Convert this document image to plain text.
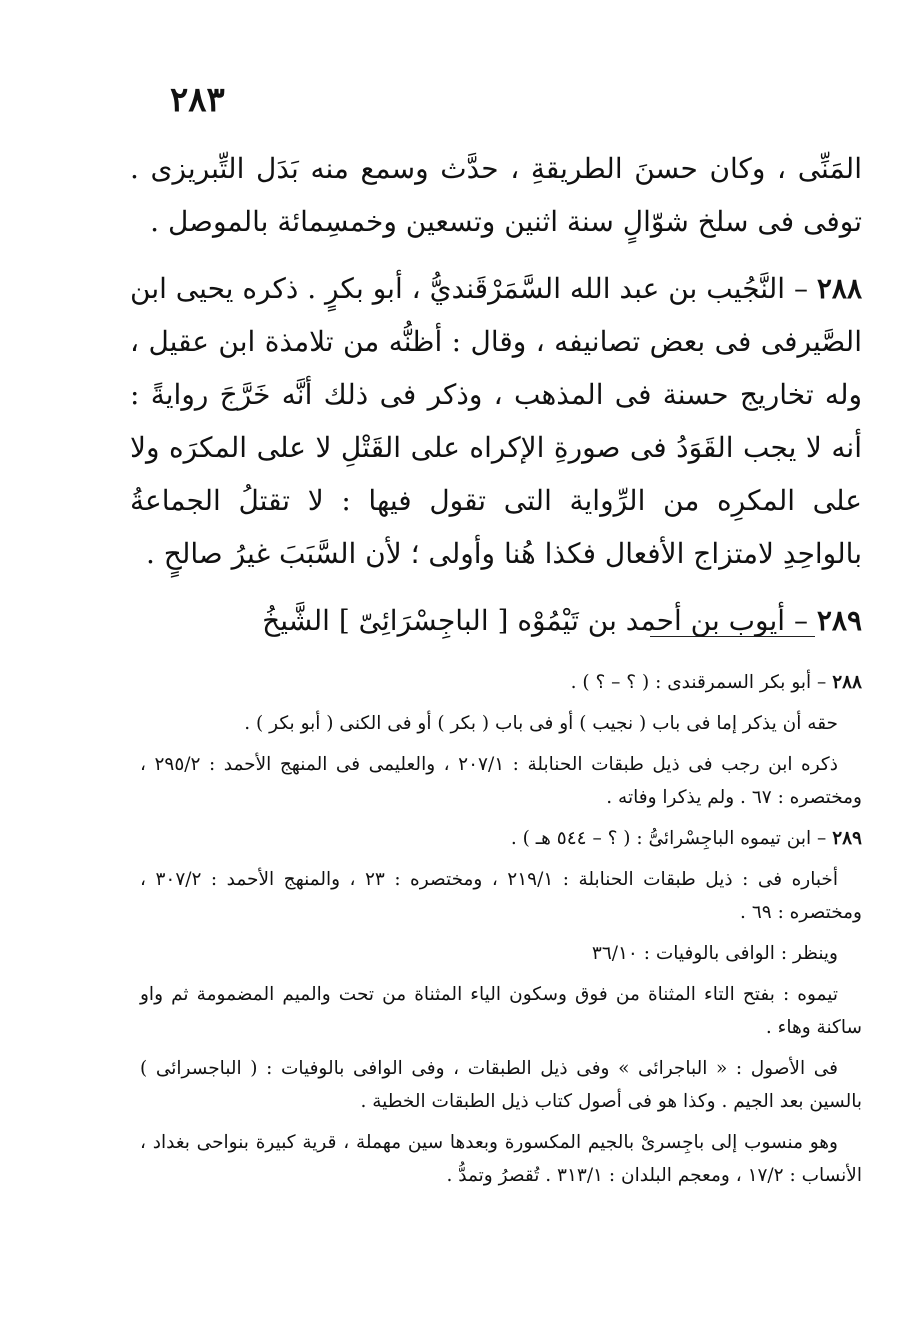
٢٨٣

المَنِّى ، وكان حسنَ الطريقةِ ، حدَّث وسمع منه بَدَل التِّبريزى . توفى فى سلخ شوّالٍ سنة اثنين وتسعين وخمسِمائة بالموصل .

٢٨٨ – النَّجُيب بن عبد الله السَّمَرْقَنديُّ ، أبو بكرٍ . ذكره يحيى ابن الصَّيرفى فى بعض تصانيفه ، وقال : أظنُّه من تلامذة ابن عقيل ، وله تخاريج حسنة فى المذهب ، وذكر فى ذلك أنَّه خَرَّجَ روايةً : أنه لا يجب القَوَدُ فى صورةِ الإكراه على القَتْلِ لا على المكرَه ولا على المكرِه من الرِّواية التى تقول فيها : لا تقتلُ الجماعةُ بالواحِدِ لامتزاج الأفعال فكذا هُنا وأولى ؛ لأن السَّبَبَ غيرُ صالحٍ .

٢٨٩ – أيوب بن أحمد بن تَيْمُوْه [ الباجِسْرَائِىّ ] الشَّيخُ

٢٨٨ – أبو بكر السمرقندى : ( ؟ – ؟ ) .

حقه أن يذكر إما فى باب ( نجيب ) أو فى باب ( بكر ) أو فى الكنى ( أبو بكر ) .

ذكره ابن رجب فى ذيل طبقات الحنابلة : ٢٠٧/١ ، والعليمى فى المنهج الأحمد : ٢٩٥/٢ ، ومختصره : ٦٧ . ولم يذكرا وفاته .

٢٨٩ – ابن تيموه الباجِسْرائىُّ : ( ؟ – ٥٤٤ هـ ) .

أخباره فى : ذيل طبقات الحنابلة : ٢١٩/١ ، ومختصره : ٢٣ ، والمنهج الأحمد : ٣٠٧/٢ ، ومختصره : ٦٩ .

وينظر : الوافى بالوفيات : ٣٦/١٠

تيموه : بفتح التاء المثناة من فوق وسكون الياء المثناة من تحت والميم المضمومة ثم واو ساكنة وهاء .

فى الأصول : « الباجرائى » وفى ذيل الطبقات ، وفى الوافى بالوفيات : ( الباجسرائى ) بالسين بعد الجيم . وكذا هو فى أصول كتاب ذيل الطبقات الخطية .

وهو منسوب إلى باجِسرىْ بالجيم المكسورة وبعدها سين مهملة ، قرية كبيرة بنواحى بغداد ، الأنساب : ١٧/٢ ، ومعجم البلدان : ٣١٣/١ . تُقصرُ وتمدُّ .
